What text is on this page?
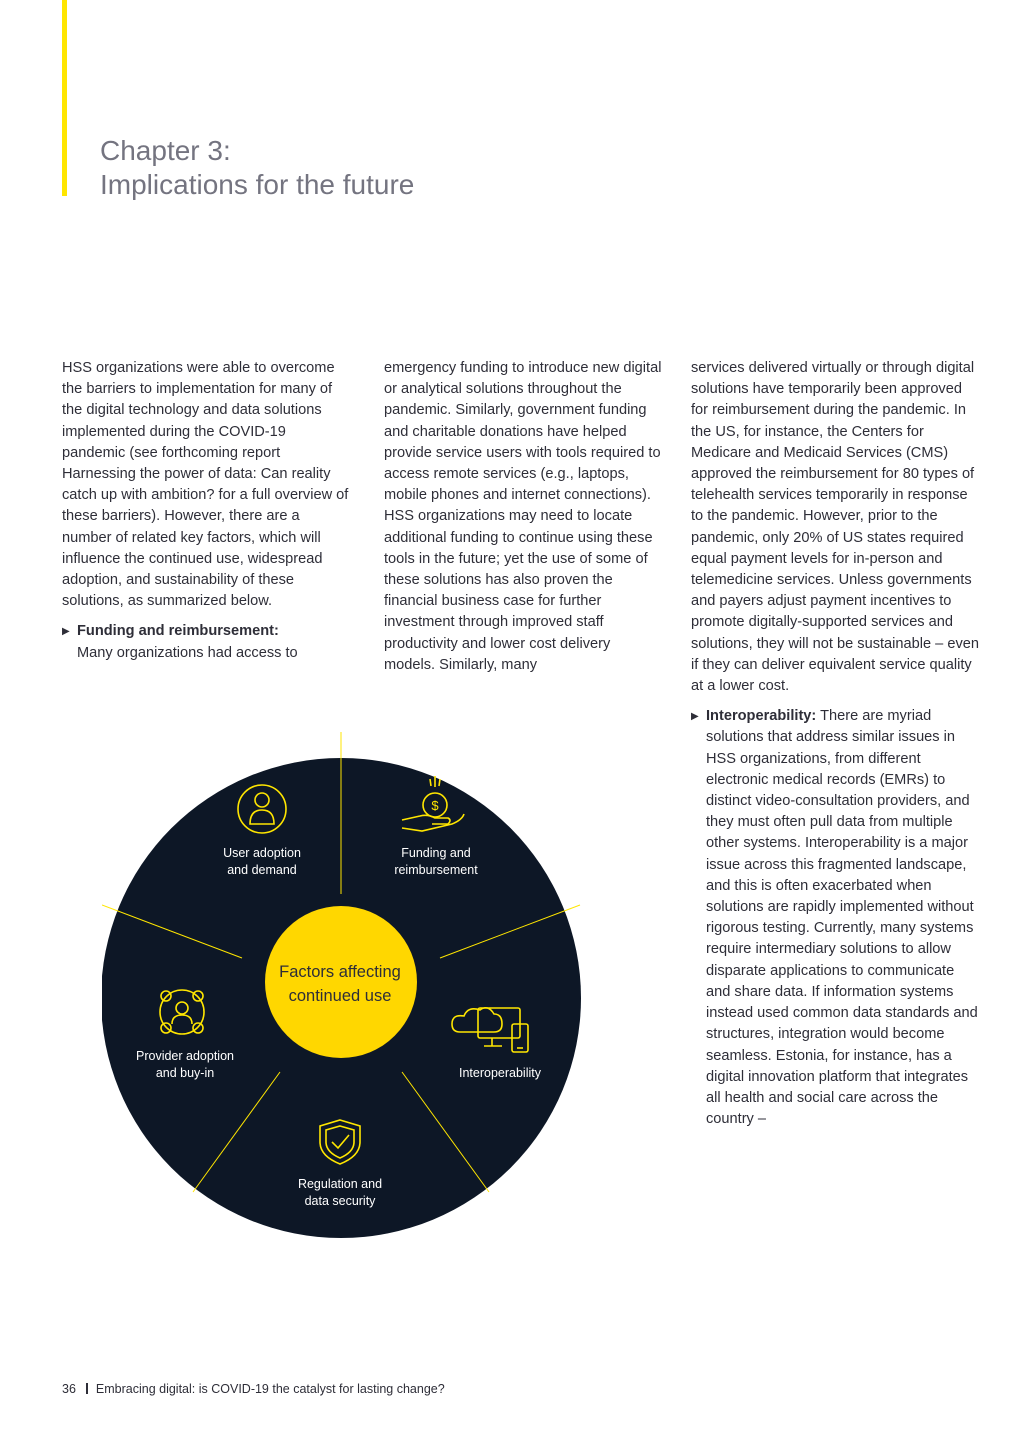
Chapter 3:
Implications for the future

HSS organizations were able to overcome the barriers to implementation for many of the digital technology and data solutions implemented during the COVID-19 pandemic (see forthcoming report Harnessing the power of data: Can reality catch up with ambition? for a full overview of these barriers). However, there are a number of related key factors, which will influence the continued use, widespread adoption, and sustainability of these solutions, as summarized below.

▶ Funding and reimbursement:
Many organizations had access to

emergency funding to introduce new digital or analytical solutions throughout the pandemic. Similarly, government funding and charitable donations have helped provide service users with tools required to access remote services (e.g., laptops, mobile phones and internet connections). HSS organizations may need to locate additional funding to continue using these tools in the future; yet the use of some of these solutions has also proven the financial business case for further investment through improved staff productivity and lower cost delivery models. Similarly, many

services delivered virtually or through digital solutions have temporarily been approved for reimbursement during the pandemic. In the US, for instance, the Centers for Medicare and Medicaid Services (CMS) approved the reimbursement for 80 types of telehealth services temporarily in response to the pandemic. However, prior to the pandemic, only 20% of US states required equal payment levels for in-person and telemedicine services. Unless governments and payers adjust payment incentives to promote digitally-supported services and solutions, they will not be sustainable – even if they can deliver equivalent service quality at a lower cost.

▶ Interoperability: There are myriad solutions that address similar issues in HSS organizations, from different electronic medical records (EMRs) to distinct video-consultation providers, and they must often pull data from multiple other systems. Interoperability is a major issue across this fragmented landscape, and this is often exacerbated when solutions are rapidly implemented without rigorous testing. Currently, many systems require intermediary solutions to allow disparate applications to communicate and share data. If information systems instead used common data standards and structures, integration would become seamless. Estonia, for instance, has a digital innovation platform that integrates all health and social care across the country –

$
User adoption
and demand
Funding and
reimbursement
Interoperability
Regulation and
data security
Provider adoption
and buy-in
Factors affecting
continued use
36 Embracing digital: is COVID-19 the catalyst for lasting change?
